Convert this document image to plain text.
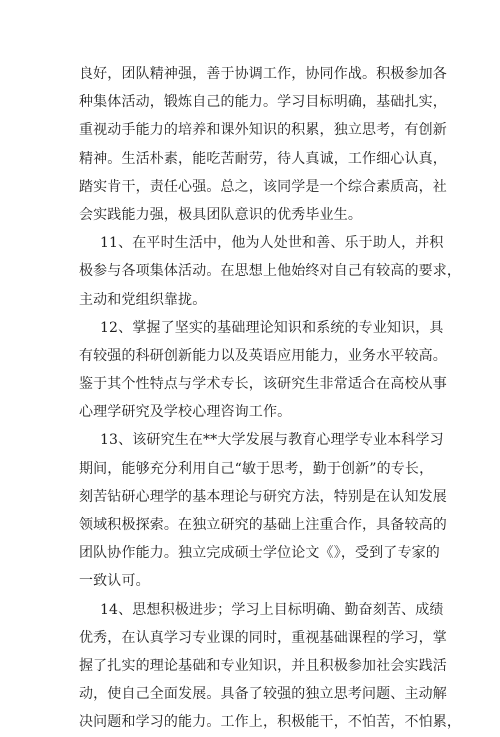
良好，团队精神强，善于协调工作，协同作战。积极参加各
种集体活动，锻炼自己的能力。学习目标明确，基础扎实，
重视动手能力的培养和课外知识的积累，独立思考，有创新
精神。生活朴素，能吃苦耐劳，待人真诚，工作细心认真，
踏实肯干，责任心强。总之，该同学是一个综合素质高，社
会实践能力强，极具团队意识的优秀毕业生。
11、在平时生活中，他为人处世和善、乐于助人，并积
极参与各项集体活动。在思想上他始终对自己有较高的要求，
主动和党组织靠拢。
12、掌握了坚实的基础理论知识和系统的专业知识，具
有较强的科研创新能力以及英语应用能力，业务水平较高。
鉴于其个性特点与学术专长，该研究生非常适合在高校从事
心理学研究及学校心理咨询工作。
13、该研究生在**大学发展与教育心理学专业本科学习
期间，能够充分利用自己“敏于思考，勤于创新”的专长，
刻苦钻研心理学的基本理论与研究方法，特别是在认知发展
领域积极探索。在独立研究的基础上注重合作，具备较高的
团队协作能力。独立完成硕士学位论文《》，受到了专家的
一致认可。
14、思想积极进步；学习上目标明确、勤奋刻苦、成绩
优秀，在认真学习专业课的同时，重视基础课程的学习，掌
握了扎实的理论基础和专业知识，并且积极参加社会实践活
动，使自己全面发展。具备了较强的独立思考问题、主动解
决问题和学习的能力。工作上，积极能干，不怕苦，不怕累，
